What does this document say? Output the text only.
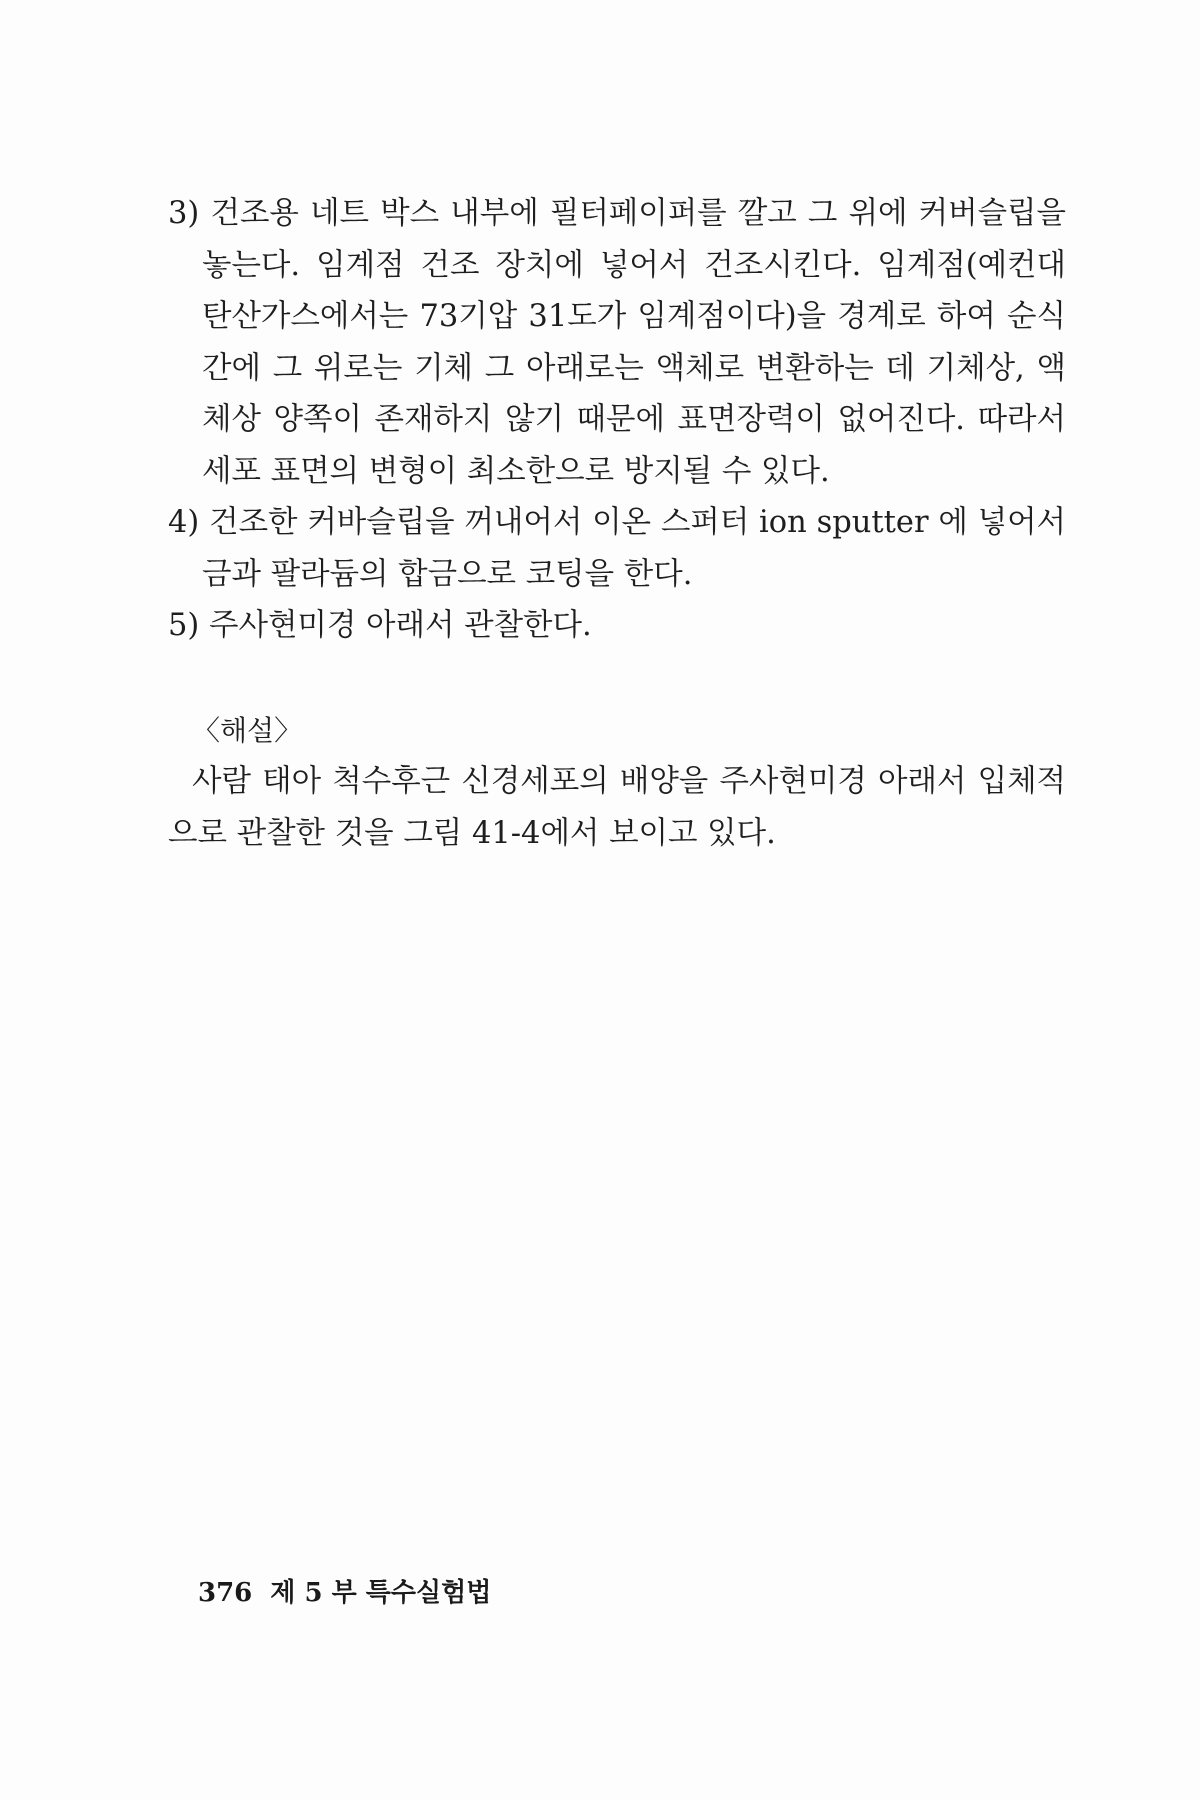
3) 건조용 네트 박스 내부에 필터페이퍼를 깔고 그 위에 커버슬립을 놓는다. 임계점 건조 장치에 넣어서 건조시킨다. 임계점(예컨대 탄산가스에서는 73기압 31도가 임계점이다)을 경계로 하여 순식간에 그 위로는 기체 그 아래로는 액체로 변환하는 데 기체상, 액체상 양쪽이 존재하지 않기 때문에 표면장력이 없어진다. 따라서 세포 표면의 변형이 최소한으로 방지될 수 있다.

4) 건조한 커바슬립을 꺼내어서 이온 스퍼터 ion sputter 에 넣어서 금과 팔라듐의 합금으로 코팅을 한다.

5) 주사현미경 아래서 관찰한다.

〈해설〉

사람 태아 척수후근 신경세포의 배양을 주사현미경 아래서 입체적으로 관찰한 것을 그림 41-4에서 보이고 있다.

376 제 5 부 특수실험법
